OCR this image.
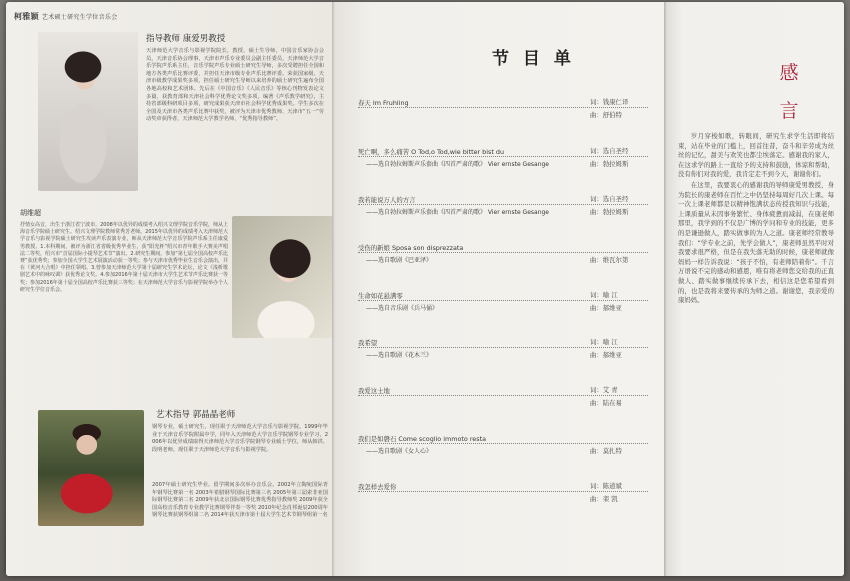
柯雅颖 艺术硕士研究生学位音乐会
指导教师 康爱男教授
天津师范大学音乐与影视学院院长，教授，硕士生导师，中国音乐家协会会员，天津音乐协会理事，天津市声乐专业委员会副主任委员，天津师范大学音乐学院声乐系主任，音乐学院声乐专业硕士研究生导师，多次受聘担任全国和地方各类声乐比赛评委，并担任天津市级专业声乐比赛评委。荣获国家级、天津市级教学成果奖多项，担任硕士研究生导师以来培养的硕士研究生遍布全国各地高校和艺术团体。先后在《中国音乐》《人民音乐》等核心刊物发表论文多篇，获教育部和天津社会科学优秀论文奖多项。编著《声乐教学研究》，主持省部级科研项目多项，研究成果获天津市社会科学优秀成果奖。学生多次在全国及天津市各类声乐比赛中获奖，被评为天津市优秀教师、天津市“五一”劳动奖章获得者，天津师范大学教学名师，“优秀指导教师”。
胡维超
抒情女高音，出生于浙江省宁波市。2008年以优异的成绩考入绍兴文理学院音乐学院，师从上海音乐学院硕士研究生、绍兴文理学院教师常秀芳老师。2015年以优异的成绩考入天津师范大学音乐与影视学院硕士研究生攻读声乐表演专业，师从天津师范大学音乐学院声乐系主任康爱男教授。1.本科期间，被评为浙江省省级优秀毕业生，获“阳光杯”绍兴市青年歌手大赛美声唱法二等奖，绍兴市“首届国际小提琴艺术节”演出。2.研究生期间，参加“第七届全国高校声乐比赛”获优秀奖；参加全国大学生艺术展演活动获一等奖；参与天津市优秀毕业生音乐会演出，并在《黄河大合唱》中担任领唱。3.曾参加天津师范大学第十届研究生学术论坛，论文《浅析歌剧艺术中的咏叹调》获优秀论文奖。4.参加2016年第十届天津市大学生艺术节声乐比赛获一等奖；参加2016年第十届全国高校声乐比赛获三等奖；在天津师范大学音乐与影视学院举办个人研究生学位音乐会。
艺术指导 郭晶晶老师
钢琴专业，硕士研究生，现任职于天津师范大学音乐与影视学院。1999年毕业于天津音乐学院附属中学，同年入天津师范大学音乐学院钢琴专业学习，2006年以优异成绩取得天津师范大学音乐学院钢琴专业硕士学位，师从韩洪、段明老师。现任职于天津师范大学音乐与影视学院。
2007年硕士研究生毕业。留学期间多次举办音乐会。2002年立陶宛国际青年钢琴比赛第一名 2003年希腊钢琴国际比赛第三名 2005年第三届索非亚国际钢琴比赛第二名 2009年获北京国际钢琴比赛优秀指导教师奖 2009年获全国高校音乐教育专业教学比赛钢琴伴奏一等奖 2010年纪念肖邦诞辰200周年钢琴比赛获钢琴组第二名 2014年获天津市第十届大学生艺术节钢琴组第一名
节 目 单
春天 Im Fruhling	词：钱康仁译
曲：舒伯特
死亡啊，多么痛苦 O Tod,o Tod,wie bitter bist du	词：选自圣经
曲：勃拉姆斯
——选自勃拉姆斯声乐套曲《四首严肃的歌》 Vier ernste Gesange
我若能说万人的方言	词：选自圣经
曲：勃拉姆斯
——选自勃拉姆斯声乐套曲《四首严肃的歌》 Vier ernste Gesange
受伤的新娘 Sposa son disprezzata
曲：维瓦尔第
——选自歌剧《巴亚泽》
生命如花悬满零	词：喻 江
曲：郝维亚
——选自音乐剧《兵马俑》
我希望	词：喻 江
曲：郝维亚
——选自歌剧《花木兰》
我爱这土地	词：艾 青
曲：陆在易
我们是如磐石 Come scoglio immoto resta
曲：莫扎特
——选自歌剧《女人心》
我怎样去爱你	词：陈道斌
曲：栾 凯
感言

岁月穿梭如歌，转眼间，研究生求学生活即将结束，站在毕业的门槛上，回首往昔，奋斗和辛劳成为丝丝的记忆，甜美与欢笑也都尘埃落定。感谢我的家人，在这求学的路上一直给予的支持和鼓励，体谅和帮助，没有你们对我的爱，我肯定走不到今天，谢谢你们。

在这里，我要衷心的感谢我的导师康爱男教授，身为院长的康老师在百忙之中仍坚持每周好几次上课。每一次上课老师都是以精神饱满状态传授我知识与技能，上课质量从未因事务繁忙、身体疲惫而减弱，在康老师那里，我学到的不仅是广博的学问和专业的技能，更多的是谦逊做人，踏实做事的为人之道。康老师经常教导我们：“学专业之前，先学会做人”，康老师虽然平时对我要求很严格，但是在我失落无助的时候，康老师就像妈妈一样告诉我说：“孩子不怕，有老师陪着你”。千言万语说不完的感动和感恩，唯有将老师您交给我的正直做人、踏实做事继续传承下去，相信这是您希望看到的，也是我将来要传承的为师之道。谢谢您，我亲爱的康妈妈。
